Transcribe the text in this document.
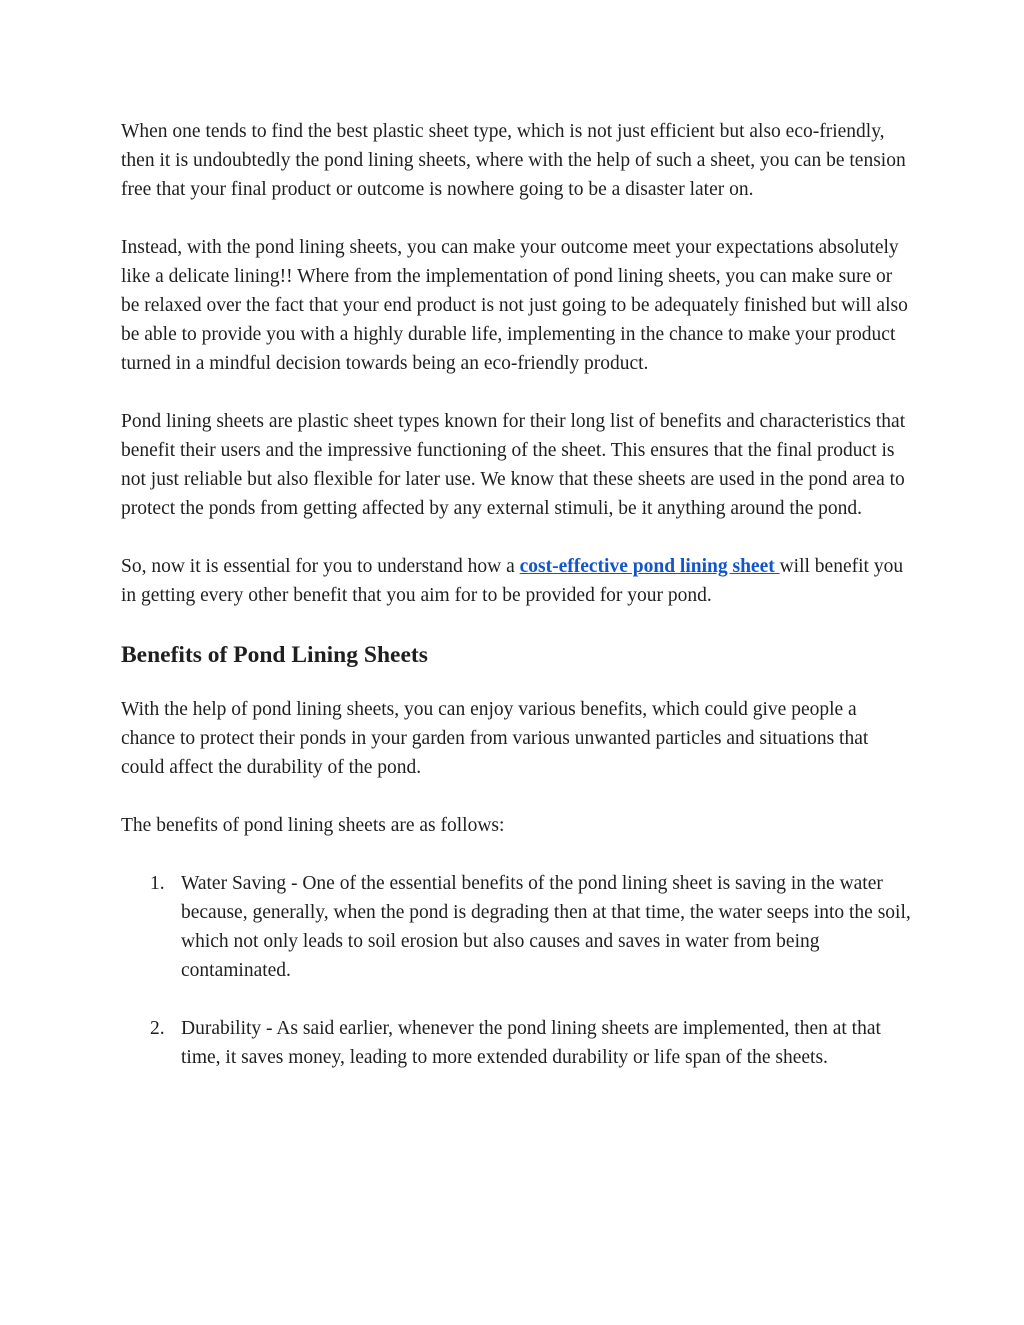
When one tends to find the best plastic sheet type, which is not just efficient but also eco-friendly, then it is undoubtedly the pond lining sheets, where with the help of such a sheet, you can be tension free that your final product or outcome is nowhere going to be a disaster later on.

Instead, with the pond lining sheets, you can make your outcome meet your expectations absolutely like a delicate lining!! Where from the implementation of pond lining sheets, you can make sure or be relaxed over the fact that your end product is not just going to be adequately finished but will also be able to provide you with a highly durable life, implementing in the chance to make your product turned in a mindful decision towards being an eco-friendly product.

Pond lining sheets are plastic sheet types known for their long list of benefits and characteristics that benefit their users and the impressive functioning of the sheet. This ensures that the final product is not just reliable but also flexible for later use. We know that these sheets are used in the pond area to protect the ponds from getting affected by any external stimuli, be it anything around the pond.

So, now it is essential for you to understand how a cost-effective pond lining sheet will benefit you in getting every other benefit that you aim for to be provided for your pond.

Benefits of Pond Lining Sheets

With the help of pond lining sheets, you can enjoy various benefits, which could give people a chance to protect their ponds in your garden from various unwanted particles and situations that could affect the durability of the pond.

The benefits of pond lining sheets are as follows:

1. Water Saving - One of the essential benefits of the pond lining sheet is saving in the water because, generally, when the pond is degrading then at that time, the water seeps into the soil, which not only leads to soil erosion but also causes and saves in water from being contaminated.
2. Durability - As said earlier, whenever the pond lining sheets are implemented, then at that time, it saves money, leading to more extended durability or life span of the sheets.
